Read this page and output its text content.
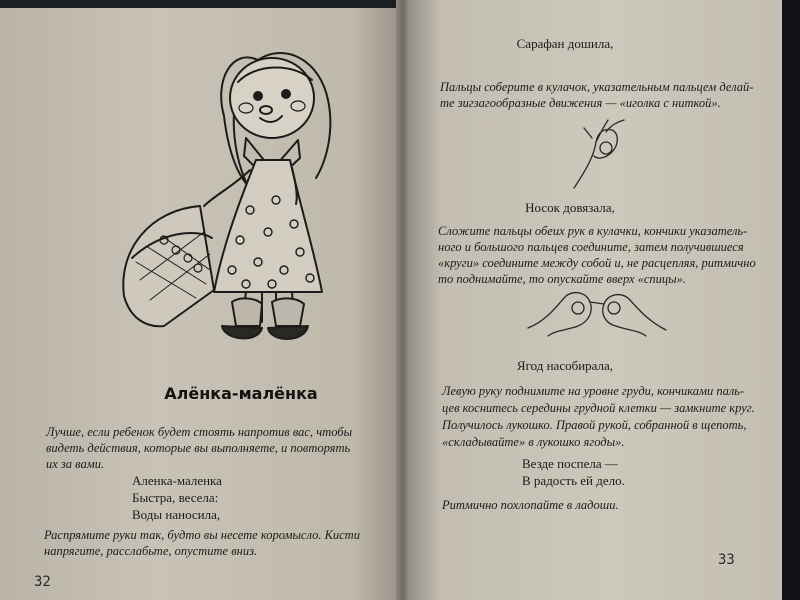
Алёнка-малёнка
Лучше, если ребенок будет стоять напротив вас, чтобы
видеть действия, которые вы выполняете, и повторять
их за вами.
Аленка-маленка
Быстра, весела:
Воды наносила,
Распрямите руки так, будто вы несете коромысло. Кисти
напрягите, расслабьте, опустите вниз.
32
Сарафан дошила,
Пальцы соберите в кулачок, указательным пальцем делай-
те зигзагообразные движения — «иголка с ниткой».
Носок довязала,
Сложите пальцы обеих рук в кулачки, кончики указатель-
ного и большого пальцев соедините, затем получившиеся
«круги» соедините между собой и, не расцепляя, ритмично
то поднимайте, то опускайте вверх «спицы».
Ягод насобирала,
Левую руку поднимите на уровне груди, кончиками паль-
цев коснитесь середины грудной клетки — замкните круг.
Получилось лукошко. Правой рукой, собранной в щепоть,
«складывайте» в лукошко ягоды».
Везде поспела —
В радость ей дело.
Ритмично похлопайте в ладоши.
33
